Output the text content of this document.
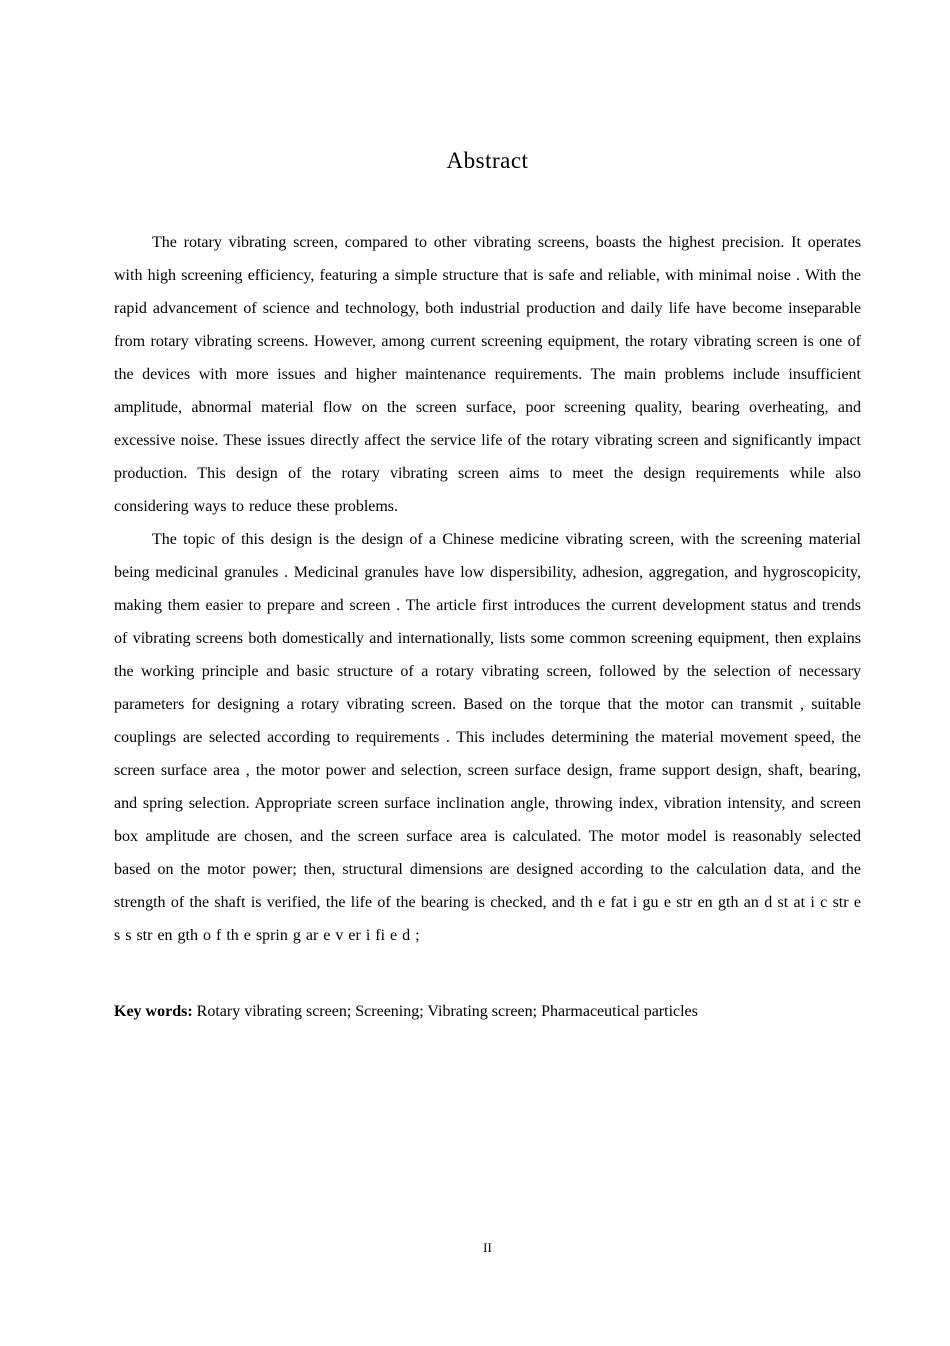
Abstract

The rotary vibrating screen, compared to other vibrating screens, boasts the highest precision. It operates with high screening efficiency, featuring a simple structure that is safe and reliable, with minimal noise . With the rapid advancement of science and technology, both industrial production and daily life have become inseparable from rotary vibrating screens. However, among current screening equipment, the rotary vibrating screen is one of the devices with more issues and higher maintenance requirements. The main problems include insufficient amplitude, abnormal material flow on the screen surface, poor screening quality, bearing overheating, and excessive noise. These issues directly affect the service life of the rotary vibrating screen and significantly impact production. This design of the rotary vibrating screen aims to meet the design requirements while also considering ways to reduce these problems.

The topic of this design is the design of a Chinese medicine vibrating screen, with the screening material being medicinal granules . Medicinal granules have low dispersibility, adhesion, aggregation, and hygroscopicity, making them easier to prepare and screen . The article first introduces the current development status and trends of vibrating screens both domestically and internationally, lists some common screening equipment, then explains the working principle and basic structure of a rotary vibrating screen, followed by the selection of necessary parameters for designing a rotary vibrating screen. Based on the torque that the motor can transmit , suitable couplings are selected according to requirements . This includes determining the material movement speed, the screen surface area , the motor power and selection, screen surface design, frame support design, shaft, bearing, and spring selection. Appropriate screen surface inclination angle, throwing index, vibration intensity, and screen box amplitude are chosen, and the screen surface area is calculated. The motor model is reasonably selected based on the motor power; then, structural dimensions are designed according to the calculation data, and the strength of the shaft is verified, the life of the bearing is checked, and th e fat i gu e str en gth an d st at i c str e s s str en gth o f th e sprin g ar e v er i fi e d ;

Key words: Rotary vibrating screen; Screening; Vibrating screen; Pharmaceutical particles

II
